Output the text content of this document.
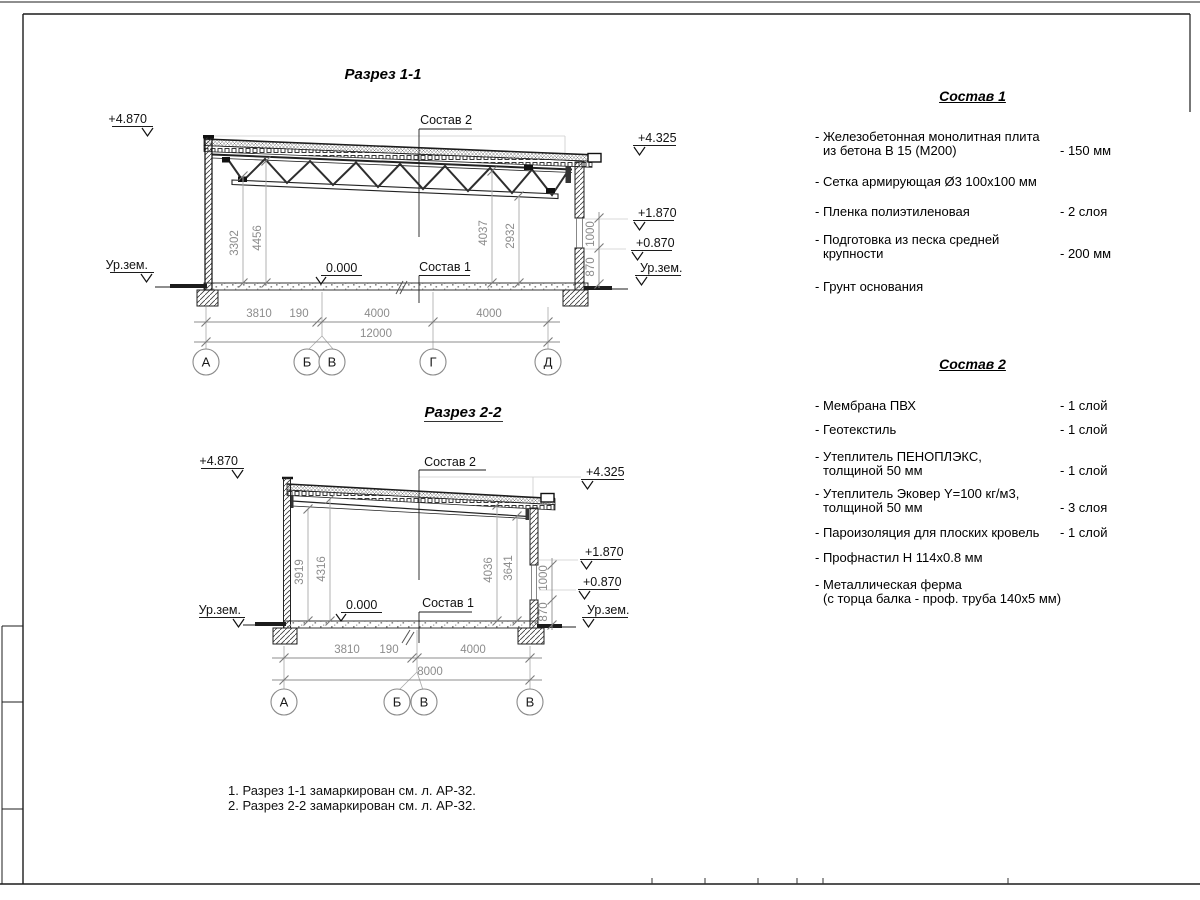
Разрез 1-1
Состав 2
Состав 1
+4.870
Ур.зем.
+4.325
+1.870
+0.870
Ур.зем.
0.000
3302 4456	4037 2932	1000
870
3810 190	4000	4000
12000
А	Б В	Г	Д
Разрез 2-2
Состав 2
Состав 1
+4.870
Ур.зем.
+4.325
+1.870
+0.870
Ур.зем.
0.000
3919 4316	4036 3641 1000
870
3810 190	4000
8000
А	Б В	В
Состав 1
- Железобетонная монолитная плита
из бетона В 15 (М200)	- 150 мм
- Сетка армирующая Ø3 100x100 мм
- Пленка полиэтиленовая	- 2 слоя
- Подготовка из песка средней
крупности	- 200 мм
- Грунт основания
Состав 2
- Мембрана ПВХ	- 1 слой
- Геотекстиль	- 1 слой
- Утеплитель ПЕНОПЛЭКС,
толщиной 50 мм	- 1 слой
- Утеплитель Эковер Y=100 кг/м3,
толщиной 50 мм	- 3 слоя
- Пароизоляция для плоских кровель - 1 слой
- Профнастил Н 114x0.8 мм
- Металлическая ферма
(с торца балка - проф. труба 140x5 мм)
1. Разрез 1-1 замаркирован см. л. АР-32.
2. Разрез 2-2 замаркирован см. л. АР-32.
